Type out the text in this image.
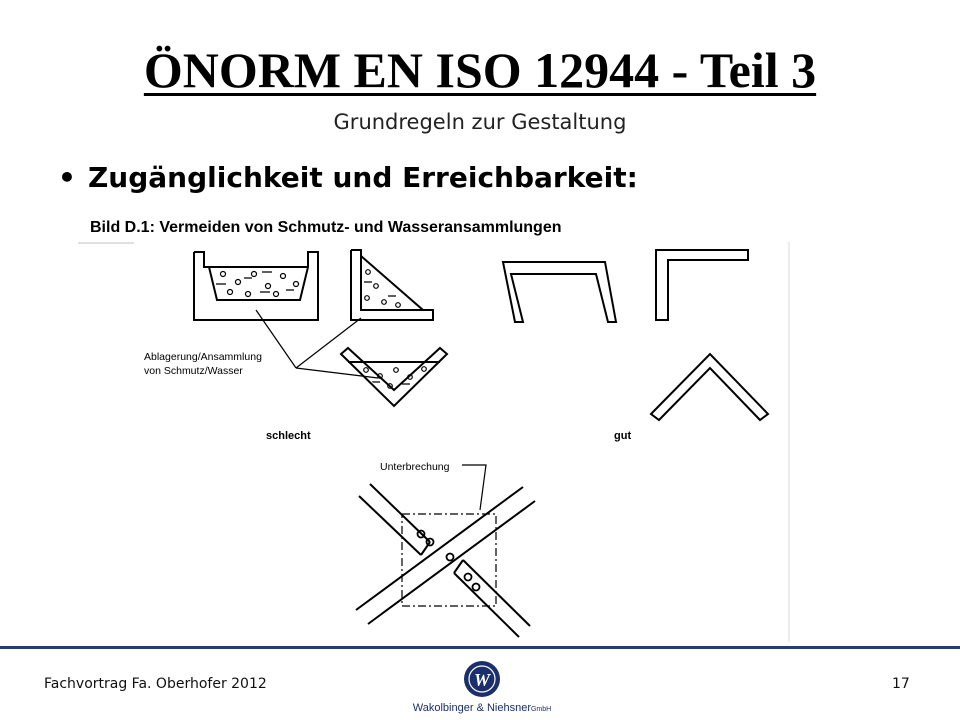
ÖNORM EN ISO 12944 - Teil 3
Grundregeln zur Gestaltung
• Zugänglichkeit und Erreichbarkeit:
Bild D.1: Vermeiden von Schmutz- und Wasseransammlungen
Ablagerung/Ansammlung
von Schmutz/Wasser
schlecht	gut
Unterbrechung
Fachvortrag Fa. Oberhofer 2012	W
Wakolbinger & NiehsnerGmbH
17
